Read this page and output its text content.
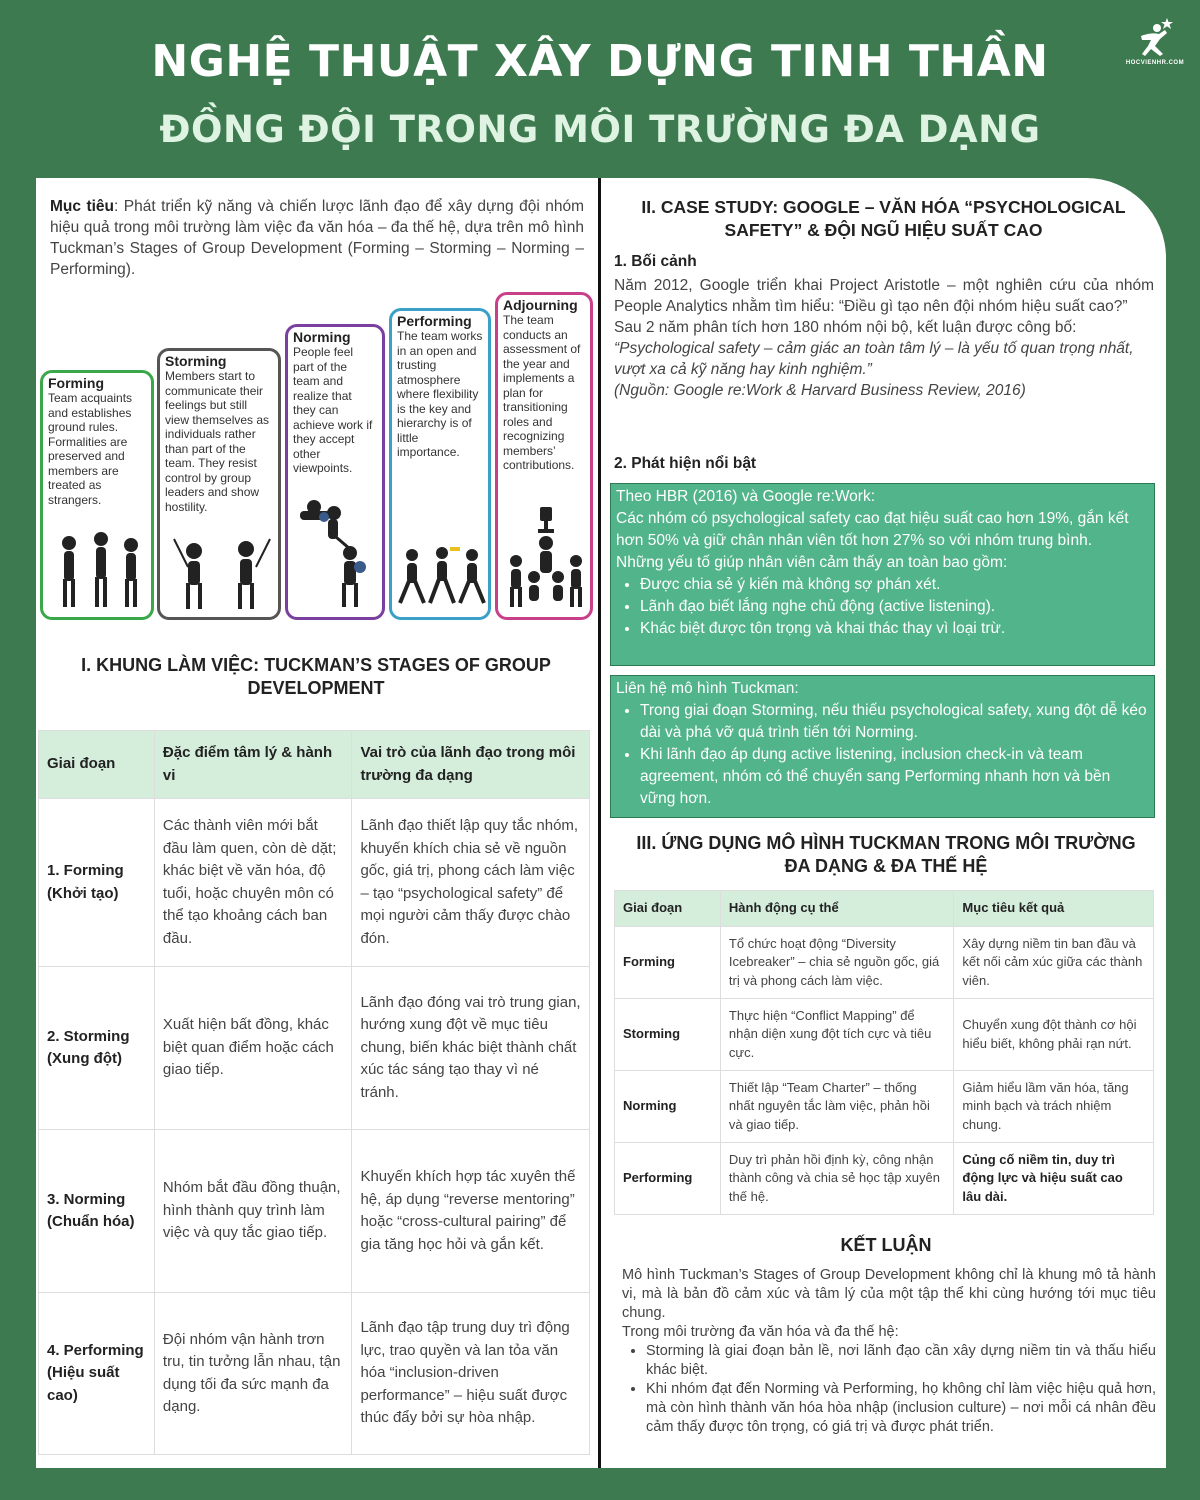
NGHỆ THUẬT XÂY DỰNG TINH THẦN
ĐỒNG ĐỘI TRONG MÔI TRƯỜNG ĐA DẠNG
HOCVIENHR.COM

Mục tiêu: Phát triển kỹ năng và chiến lược lãnh đạo để xây dựng đội nhóm hiệu quả trong môi trường làm việc đa văn hóa – đa thế hệ, dựa trên mô hình Tuckman’s Stages of Group Development (Forming – Storming – Norming – Performing).

Forming
Team acquaints and establishes ground rules. Formalities are preserved and members are treated as strangers.
Storming
Members start to communicate their feelings but still view themselves as individuals rather than part of the team. They resist control by group leaders and show hostility.
Norming
People feel part of the team and realize that they can achieve work if they accept other viewpoints.
Performing
The team works in an open and trusting atmosphere where flexibility is the key and hierarchy is of little importance.
Adjourning
The team conducts an assessment of the year and implements a plan for transitioning roles and recognizing members’ contributions.
I. KHUNG LÀM VIỆC: TUCKMAN’S STAGES OF GROUP DEVELOPMENT
Giai đoạn	Đặc điểm tâm lý & hành vi	Vai trò của lãnh đạo trong môi trường đa dạng
1. Forming (Khởi tạo)	Các thành viên mới bắt đầu làm quen, còn dè dặt; khác biệt về văn hóa, độ tuổi, hoặc chuyên môn có thể tạo khoảng cách ban đầu.	Lãnh đạo thiết lập quy tắc nhóm, khuyến khích chia sẻ về nguồn gốc, giá trị, phong cách làm việc – tạo “psychological safety” để mọi người cảm thấy được chào đón.
2. Storming (Xung đột)	Xuất hiện bất đồng, khác biệt quan điểm hoặc cách giao tiếp.	Lãnh đạo đóng vai trò trung gian, hướng xung đột về mục tiêu chung, biến khác biệt thành chất xúc tác sáng tạo thay vì né tránh.
3. Norming (Chuẩn hóa)	Nhóm bắt đầu đồng thuận, hình thành quy trình làm việc và quy tắc giao tiếp.	Khuyến khích hợp tác xuyên thế hệ, áp dụng “reverse mentoring” hoặc “cross-cultural pairing” để gia tăng học hỏi và gắn kết.
4. Performing (Hiệu suất cao)	Đội nhóm vận hành trơn tru, tin tưởng lẫn nhau, tận dụng tối đa sức mạnh đa dạng.	Lãnh đạo tập trung duy trì động lực, trao quyền và lan tỏa văn hóa “inclusion-driven performance” – hiệu suất được thúc đẩy bởi sự hòa nhập.
II. CASE STUDY: GOOGLE – VĂN HÓA “PSYCHOLOGICAL SAFETY” & ĐỘI NGŨ HIỆU SUẤT CAO
1. Bối cảnh

Năm 2012, Google triển khai Project Aristotle – một nghiên cứu của nhóm People Analytics nhằm tìm hiểu: “Điều gì tạo nên đội nhóm hiệu suất cao?”

Sau 2 năm phân tích hơn 180 nhóm nội bộ, kết luận được công bố:

“Psychological safety – cảm giác an toàn tâm lý – là yếu tố quan trọng nhất, vượt xa cả kỹ năng hay kinh nghiệm.”
(Nguồn: Google re:Work & Harvard Business Review, 2016)
2. Phát hiện nổi bật

Theo HBR (2016) và Google re:Work:

Các nhóm có psychological safety cao đạt hiệu suất cao hơn 19%, gắn kết hơn 50% và giữ chân nhân viên tốt hơn 27% so với nhóm trung bình.

Những yếu tố giúp nhân viên cảm thấy an toàn bao gồm:

• Được chia sẻ ý kiến mà không sợ phán xét.
• Lãnh đạo biết lắng nghe chủ động (active listening).
• Khác biệt được tôn trọng và khai thác thay vì loại trừ.

Liên hệ mô hình Tuckman:

• Trong giai đoạn Storming, nếu thiếu psychological safety, xung đột dễ kéo dài và phá vỡ quá trình tiến tới Norming.
• Khi lãnh đạo áp dụng active listening, inclusion check-in và team agreement, nhóm có thể chuyển sang Performing nhanh hơn và bền vững hơn.
III. ỨNG DỤNG MÔ HÌNH TUCKMAN TRONG MÔI TRƯỜNG ĐA DẠNG & ĐA THẾ HỆ
Giai đoạn	Hành động cụ thể	Mục tiêu kết quả
Forming	Tổ chức hoạt động “Diversity Icebreaker” – chia sẻ nguồn gốc, giá trị và phong cách làm việc.	Xây dựng niềm tin ban đầu và kết nối cảm xúc giữa các thành viên.
Storming	Thực hiện “Conflict Mapping” để nhận diện xung đột tích cực và tiêu cực.	Chuyển xung đột thành cơ hội hiểu biết, không phải rạn nứt.
Norming	Thiết lập “Team Charter” – thống nhất nguyên tắc làm việc, phản hồi và giao tiếp.	Giảm hiểu lầm văn hóa, tăng minh bạch và trách nhiệm chung.
Performing	Duy trì phản hồi định kỳ, công nhận thành công và chia sẻ học tập xuyên thế hệ.	Củng cố niềm tin, duy trì động lực và hiệu suất cao lâu dài.
KẾT LUẬN

Mô hình Tuckman’s Stages of Group Development không chỉ là khung mô tả hành vi, mà là bản đồ cảm xúc và tâm lý của một tập thể khi cùng hướng tới mục tiêu chung.

Trong môi trường đa văn hóa và đa thế hệ:

• Storming là giai đoạn bản lề, nơi lãnh đạo cần xây dựng niềm tin và thấu hiểu khác biệt.
• Khi nhóm đạt đến Norming và Performing, họ không chỉ làm việc hiệu quả hơn, mà còn hình thành văn hóa hòa nhập (inclusion culture) – nơi mỗi cá nhân đều cảm thấy được tôn trọng, có giá trị và được phát triển.
